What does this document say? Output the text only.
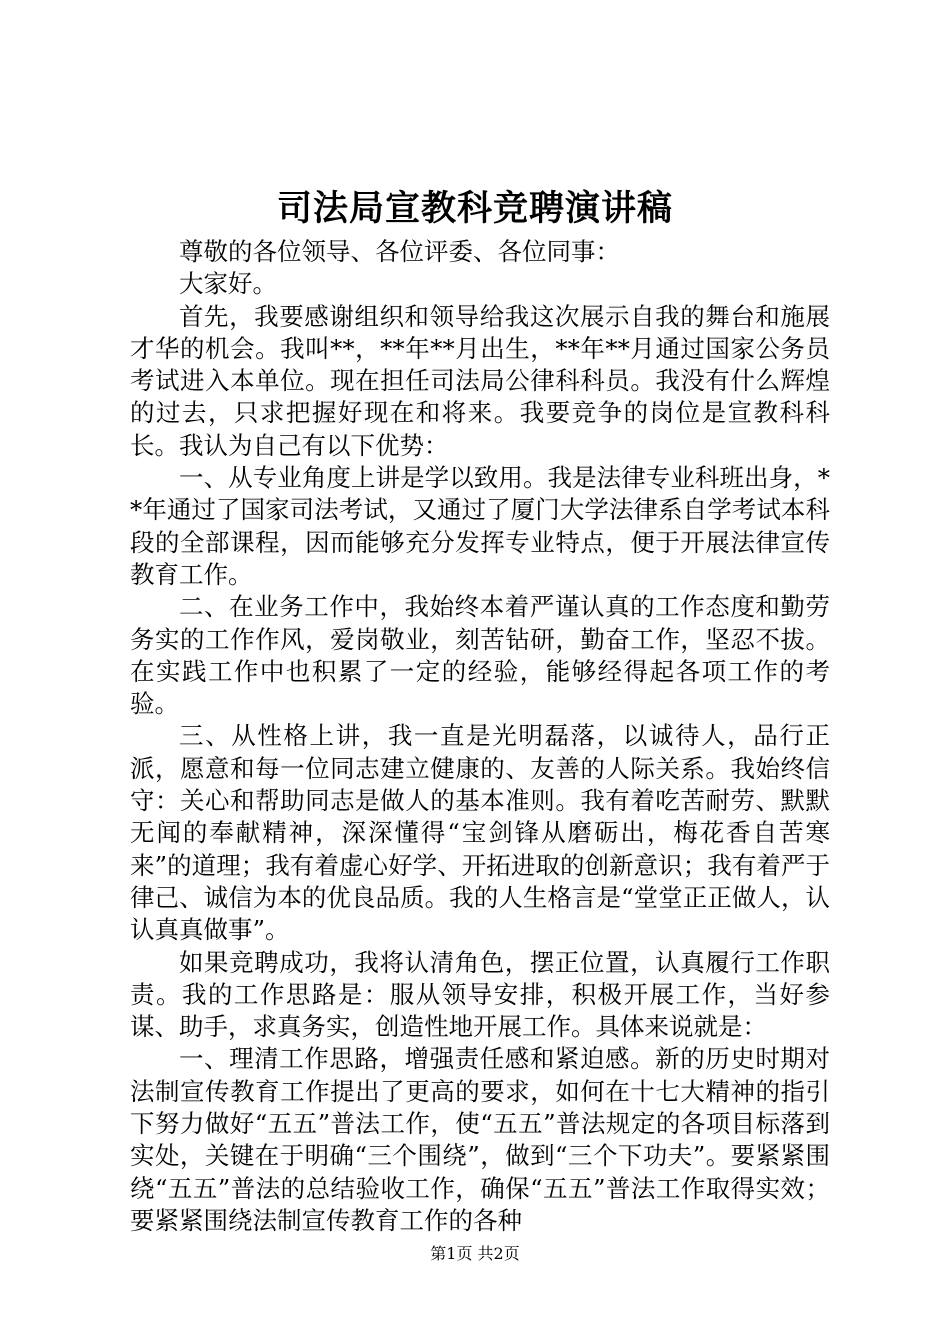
司法局宣教科竞聘演讲稿

尊敬的各位领导、各位评委、各位同事：

大家好。

首先，我要感谢组织和领导给我这次展示自我的舞台和施展才华的机会。我叫**，**年**月出生，**年**月通过国家公务员考试进入本单位。现在担任司法局公律科科员。我没有什么辉煌的过去，只求把握好现在和将来。我要竞争的岗位是宣教科科长。我认为自己有以下优势：

一、从专业角度上讲是学以致用。我是法律专业科班出身，**年通过了国家司法考试，又通过了厦门大学法律系自学考试本科段的全部课程，因而能够充分发挥专业特点，便于开展法律宣传教育工作。

二、在业务工作中，我始终本着严谨认真的工作态度和勤劳务实的工作作风，爱岗敬业，刻苦钻研，勤奋工作，坚忍不拔。在实践工作中也积累了一定的经验，能够经得起各项工作的考验。

三、从性格上讲，我一直是光明磊落，以诚待人，品行正派，愿意和每一位同志建立健康的、友善的人际关系。我始终信守：关心和帮助同志是做人的基本准则。我有着吃苦耐劳、默默无闻的奉献精神，深深懂得“宝剑锋从磨砺出，梅花香自苦寒来”的道理；我有着虚心好学、开拓进取的创新意识；我有着严于律己、诚信为本的优良品质。我的人生格言是“堂堂正正做人，认认真真做事”。

如果竞聘成功，我将认清角色，摆正位置，认真履行工作职责。我的工作思路是：服从领导安排，积极开展工作，当好参谋、助手，求真务实，创造性地开展工作。具体来说就是：

一、理清工作思路，增强责任感和紧迫感。新的历史时期对法制宣传教育工作提出了更高的要求，如何在十七大精神的指引下努力做好“五五”普法工作，使“五五”普法规定的各项目标落到实处，关键在于明确“三个围绕”，做到“三个下功夫”。要紧紧围绕“五五”普法的总结验收工作，确保“五五”普法工作取得实效；要紧紧围绕法制宣传教育工作的各种

第1页 共2页
